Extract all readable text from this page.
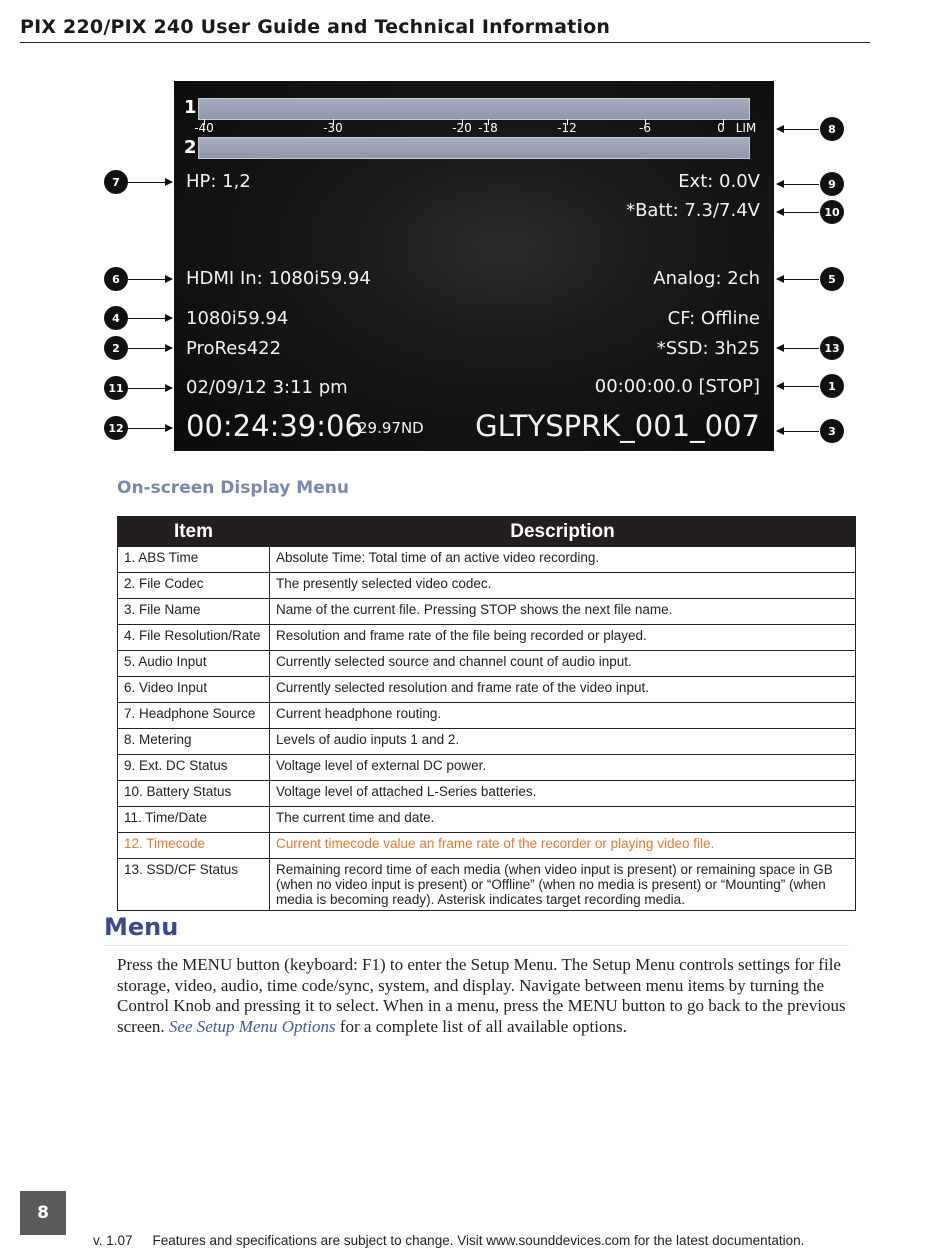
PIX 220/PIX 240 User Guide and Technical Information
1
-40	-30	-20 -18	-12	-6	0 LIM
2
HP: 1,2	Ext: 0.0V
*Batt: 7.3/7.4V
HDMI In: 1080i59.94	Analog: 2ch
1080i59.94	CF: Offline
ProRes422	*SSD: 3h25
02/09/12 3:11 pm	00:00:00.0 [STOP]
00:24:39:06
29.97ND GLTYSPRK_001_007
7
6
4
2
11
12
8
9
10
5
13
1
3
On-screen Display Menu
Item	Description
1. ABS Time	Absolute Time: Total time of an active video recording.
2. File Codec	The presently selected video codec.
3. File Name	Name of the current file. Pressing STOP shows the next file name.
4. File Resolution/Rate	Resolution and frame rate of the file being recorded or played.
5. Audio Input	Currently selected source and channel count of audio input.
6. Video Input	Currently selected resolution and frame rate of the video input.
7. Headphone Source	Current headphone routing.
8. Metering	Levels of audio inputs 1 and 2.
9. Ext. DC Status	Voltage level of external DC power.
10. Battery Status	Voltage level of attached L-Series batteries.
11. Time/Date	The current time and date.
12. Timecode	Current timecode value an frame rate of the recorder or playing video file.
13. SSD/CF Status	Remaining record time of each media (when video input is present) or remaining space in GB (when no video input is present) or “Offline” (when no media is present) or “Mounting” (when media is becoming ready). Asterisk indicates target recording media.
Menu
Press the MENU button (keyboard: F1) to enter the Setup Menu. The Setup Menu controls settings for file storage, video, audio, time code/sync, system, and display. Navigate between menu items by turning the Control Knob and pressing it to select. When in a menu, press the MENU button to go back to the previous screen. See Setup Menu Options for a complete list of all available options.
8
v. 1.07 Features and specifications are subject to change. Visit www.sounddevices.com for the latest documentation.
